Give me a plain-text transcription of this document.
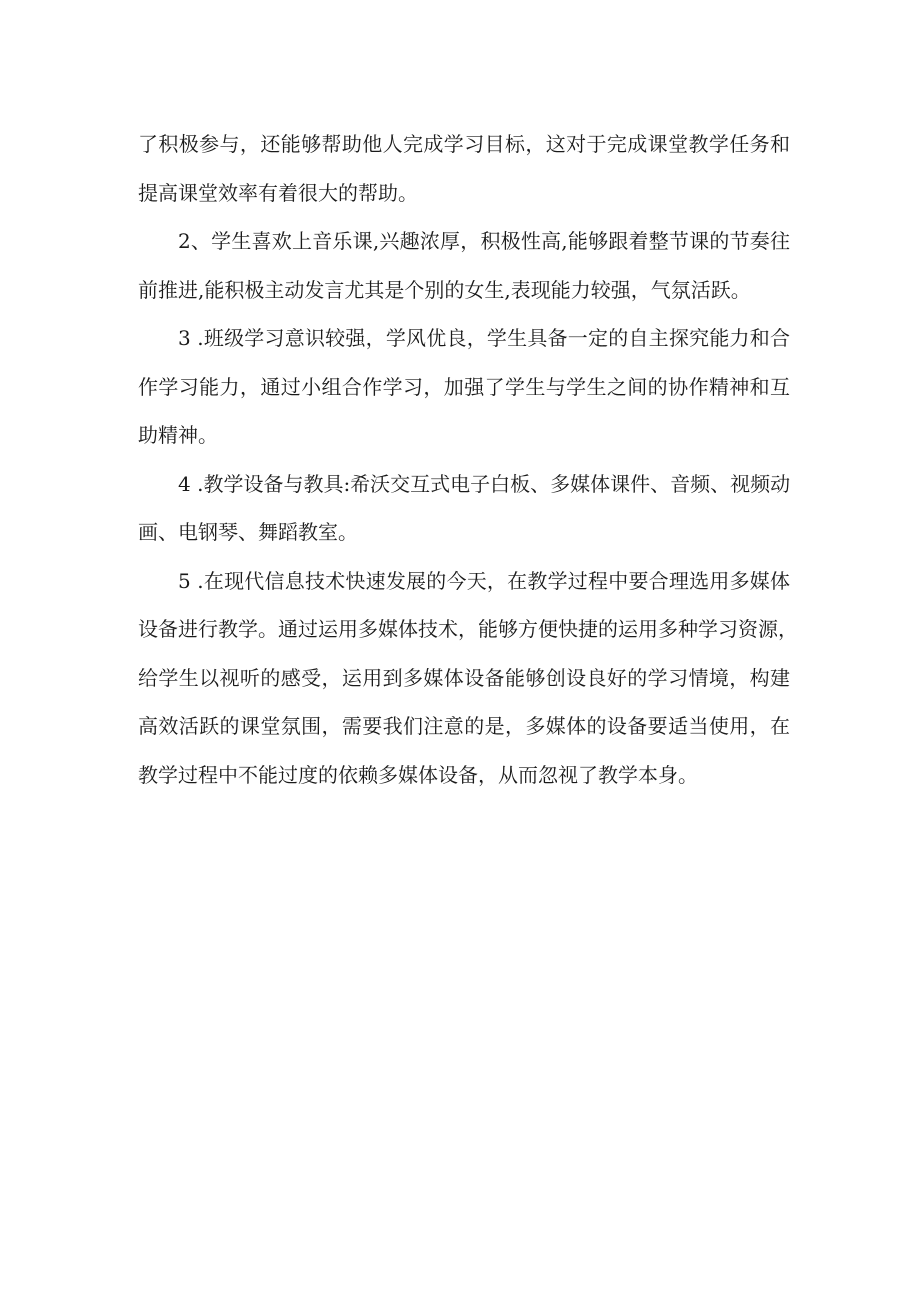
了积极参与，还能够帮助他人完成学习目标，这对于完成课堂教学任务和
提高课堂效率有着很大的帮助。
2、学生喜欢上音乐课,兴趣浓厚，积极性高,能够跟着整节课的节奏往
前推进,能积极主动发言尤其是个别的女生,表现能力较强，气氛活跃。
3 .班级学习意识较强，学风优良，学生具备一定的自主探究能力和合
作学习能力，通过小组合作学习，加强了学生与学生之间的协作精神和互
助精神。
4 .教学设备与教具:希沃交互式电子白板、多媒体课件、音频、视频动
画、电钢琴、舞蹈教室。
5 .在现代信息技术快速发展的今天，在教学过程中要合理选用多媒体
设备进行教学。通过运用多媒体技术，能够方便快捷的运用多种学习资源，
给学生以视听的感受，运用到多媒体设备能够创设良好的学习情境，构建
高效活跃的课堂氛围，需要我们注意的是，多媒体的设备要适当使用，在
教学过程中不能过度的依赖多媒体设备，从而忽视了教学本身。
